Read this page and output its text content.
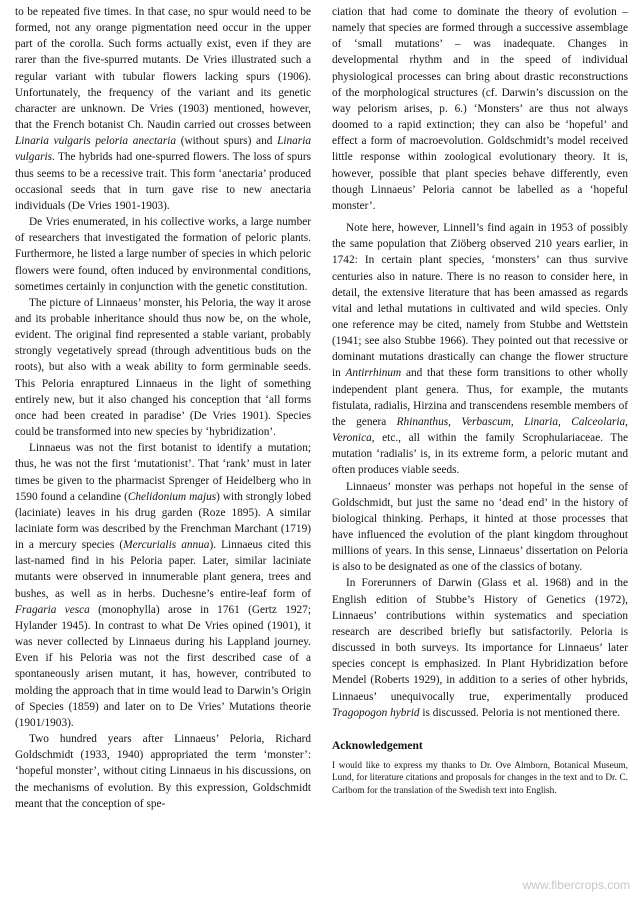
to be repeated five times. In that case, no spur would need to be formed, not any orange pigmentation need occur in the upper part of the corolla. Such forms actually exist, even if they are rarer than the five-spurred mutants. De Vries illustrated such a regular variant with tubular flowers lacking spurs (1906). Unfortunately, the frequency of the variant and its genetic character are unknown. De Vries (1903) mentioned, however, that the French botanist Ch. Naudin carried out crosses between Linaria vulgaris peloria anectaria (without spurs) and Linaria vulgaris. The hybrids had one-spurred flowers. The loss of spurs thus seems to be a recessive trait. This form ‘anectaria’ produced occasional seeds that in turn gave rise to new anectaria individuals (De Vries 1901-1903).

De Vries enumerated, in his collective works, a large number of researchers that investigated the formation of peloric plants. Furthermore, he listed a large number of species in which peloric flowers were found, often induced by environmental conditions, sometimes certainly in conjunction with the genetic constitution.

The picture of Linnaeus’ monster, his Peloria, the way it arose and its probable inheritance should thus now be, on the whole, evident. The original find represented a stable variant, probably strongly vegetatively spread (through adventitious buds on the roots), but also with a weak ability to form germinable seeds. This Peloria enraptured Linnaeus in the light of something entirely new, but it also changed his conception that ‘all forms once had been created in paradise’ (De Vries 1901). Species could be transformed into new species by ‘hybridization’.

Linnaeus was not the first botanist to identify a mutation; thus, he was not the first ‘mutationist’. That ‘rank’ must in later times be given to the pharmacist Sprenger of Heidelberg who in 1590 found a celandine (Chelidonium majus) with strongly lobed (laciniate) leaves in his drug garden (Roze 1895). A similar laciniate form was described by the Frenchman Marchant (1719) in a mercury species (Mercurialis annua). Linnaeus cited this last-named find in his Peloria paper. Later, similar laciniate mutants were observed in innumerable plant genera, trees and bushes, as well as in herbs. Duchesne’s entire-leaf form of Fragaria vesca (monophylla) arose in 1761 (Gertz 1927; Hylander 1945). In contrast to what De Vries opined (1901), it was never collected by Linnaeus during his Lappland journey. Even if his Peloria was not the first described case of a spontaneously arisen mutant, it has, however, contributed to molding the approach that in time would lead to Darwin’s Origin of Species (1859) and later on to De Vries’ Mutations theorie (1901/1903).

Two hundred years after Linnaeus’ Peloria, Richard Goldschmidt (1933, 1940) appropriated the term ‘monster’: ‘hopeful monster’, without citing Linnaeus in his discussions, on the mechanisms of evolution. By this expression, Goldschmidt meant that the conception of spe-

ciation that had come to dominate the theory of evolution – namely that species are formed through a successive assemblage of ‘small mutations’ – was inadequate. Changes in developmental rhythm and in the speed of individual physiological processes can bring about drastic reconstructions of the morphological structures (cf. Darwin’s discussion on the way pelorism arises, p. 6.) ‘Monsters’ are thus not always doomed to a rapid extinction; they can also be ‘hopeful’ and effect a form of macroevolution. Goldschmidt’s model received little response within zoological evolutionary theory. It is, however, possible that plant species behave differently, even though Linnaeus’ Peloria cannot be labelled as a ‘hopeful monster’.

Note here, however, Linnell’s find again in 1953 of possibly the same population that Ziöberg observed 210 years earlier, in 1742: In certain plant species, ‘monsters’ can thus survive centuries also in nature. There is no reason to consider here, in detail, the extensive literature that has been amassed as regards vital and lethal mutations in cultivated and wild species. Only one reference may be cited, namely from Stubbe and Wettstein (1941; see also Stubbe 1966). They pointed out that recessive or dominant mutations drastically can change the flower structure in Antirrhinum and that these form transitions to other wholly independent plant genera. Thus, for example, the mutants fistulata, radialis, Hirzina and transcendens resemble members of the genera Rhinanthus, Verbascum, Linaria, Calceolaria, Veronica, etc., all within the family Scrophulariaceae. The mutation ‘radialis’ is, in its extreme form, a peloric mutant and often produces viable seeds.

Linnaeus’ monster was perhaps not hopeful in the sense of Goldschmidt, but just the same no ‘dead end’ in the history of biological thinking. Perhaps, it hinted at those processes that have influenced the evolution of the plant kingdom throughout millions of years. In this sense, Linnaeus’ dissertation on Peloria is also to be designated as one of the classics of botany.

In Forerunners of Darwin (Glass et al. 1968) and in the English edition of Stubbe’s History of Genetics (1972), Linnaeus’ contributions within systematics and speciation research are described briefly but satisfactorily. Peloria is discussed in both surveys. Its importance for Linnaeus’ later species concept is emphasized. In Plant Hybridization before Mendel (Roberts 1929), in addition to a series of other hybrids, Linnaeus’ unequivocally true, experimentally produced Tragopogon hybrid is discussed. Peloria is not mentioned there.

Acknowledgement

I would like to express my thanks to Dr. Ove Almborn, Botanical Museum, Lund, for literature citations and proposals for changes in the text and to Dr. C. Carlbom for the translation of the Swedish text into English.

www.fibercrops.com
